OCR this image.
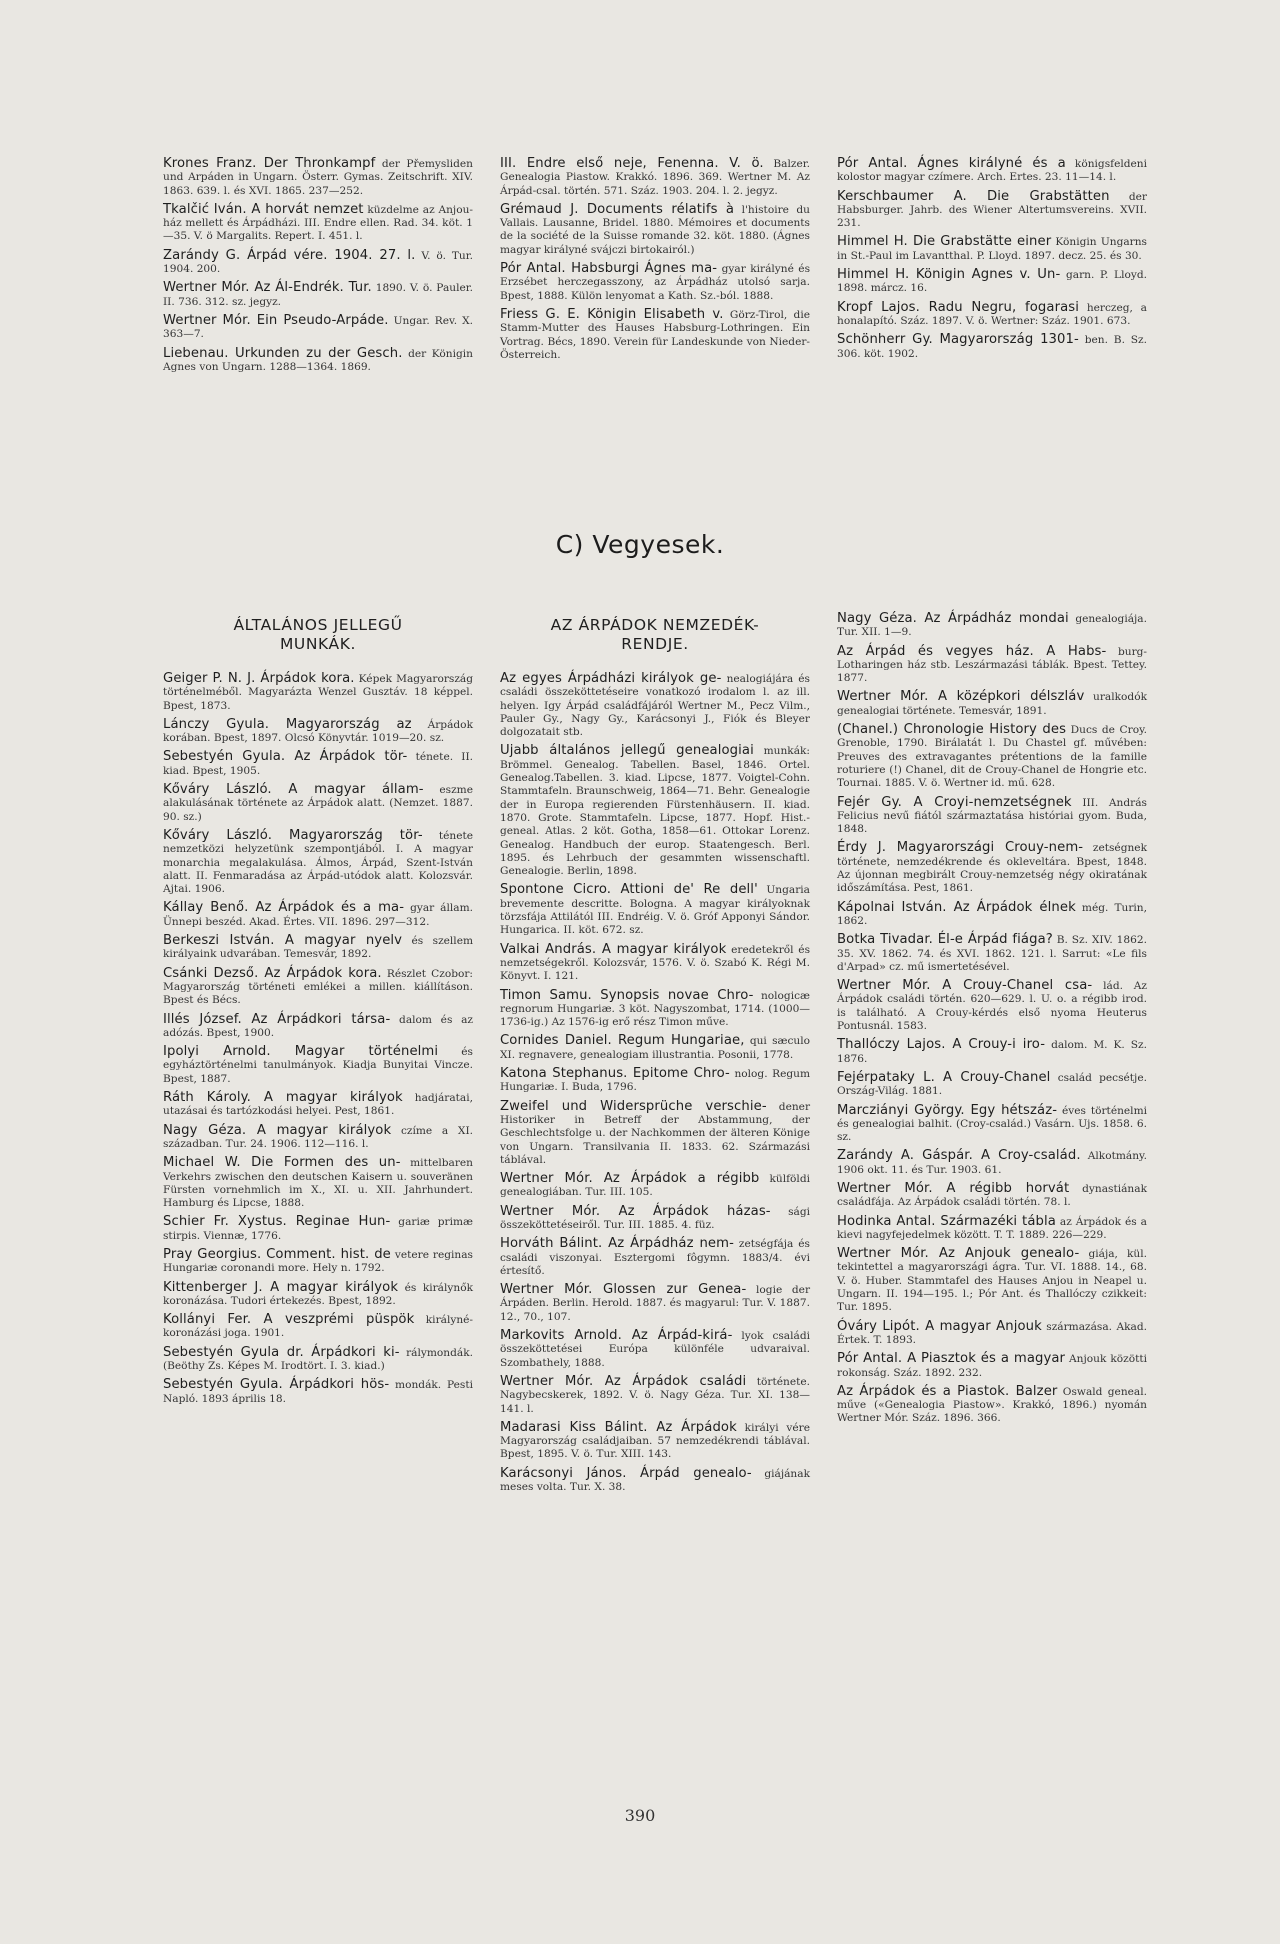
Krones Franz. Der Thronkampf der Přemysliden und Arpáden in Ungarn. Österr. Gymas. Zeitschrift. XIV. 1863. 639. l. és XVI. 1865. 237—252.
Tkalčić Iván. A horvát nemzet küzdelme az Anjou-ház mellett és Árpádházi. III. Endre ellen. Rad. 34. köt. 1—35. V. ö Margalits. Repert. I. 451. l.
Zarándy G. Árpád vére. 1904. 27. l. V. ö. Tur. 1904. 200.
Wertner Mór. Az Ál-Endrék. Tur. 1890. V. ö. Pauler. II. 736. 312. sz. jegyz.
Wertner Mór. Ein Pseudo-Arpáde. Ungar. Rev. X. 363—7.
Liebenau. Urkunden zu der Gesch. der Königin Agnes von Ungarn. 1288—1364. 1869.
III. Endre első neje, Fenenna. V. ö. Balzer. Genealogia Piastow. Krakkó. 1896. 369. Wertner M. Az Árpád-csal. történ. 571. Száz. 1903. 204. l. 2. jegyz.
Grémaud J. Documents rélatifs à l'histoire du Vallais. Lausanne, Bridel. 1880. Mémoires et documents de la société de la Suisse romande 32. köt. 1880. (Ágnes magyar királyné svájczi birtokairól.)
Pór Antal. Habsburgi Ágnes ma- gyar királyné és Erzsébet herczegasszony, az Árpádház utolsó sarja. Bpest, 1888. Külön lenyomat a Kath. Sz.-ból. 1888.
Friess G. E. Königin Elisabeth v. Görz-Tirol, die Stamm-Mutter des Hauses Habsburg-Lothringen. Ein Vortrag. Bécs, 1890. Verein für Landeskunde von Nieder-Österreich.
Pór Antal. Ágnes királyné és a königsfeldeni kolostor magyar czímere. Arch. Ertes. 23. 11—14. l.
Kerschbaumer A. Die Grabstätten der Habsburger. Jahrb. des Wiener Altertumsvereins. XVII. 231.
Himmel H. Die Grabstätte einer Königin Ungarns in St.-Paul im Lavantthal. P. Lloyd. 1897. decz. 25. és 30.
Himmel H. Königin Agnes v. Un- garn. P. Lloyd. 1898. márcz. 16.
Kropf Lajos. Radu Negru, fogarasi herczeg, a honalapító. Száz. 1897. V. ö. Wertner: Száz. 1901. 673.
Schönherr Gy. Magyarország 1301- ben. B. Sz. 306. köt. 1902.
C) Vegyesek.
ÁLTALÁNOS JELLEGŰ
MUNKÁK.
Geiger P. N. J. Árpádok kora. Képek Magyarország történelméből. Magyarázta Wenzel Gusztáv. 18 képpel. Bpest, 1873.
Lánczy Gyula. Magyarország az Árpádok korában. Bpest, 1897. Olcsó Könyvtár. 1019—20. sz.
Sebestyén Gyula. Az Árpádok tör- ténete. II. kiad. Bpest, 1905.
Kőváry László. A magyar állam- eszme alakulásának története az Árpádok alatt. (Nemzet. 1887. 90. sz.)
Kőváry László. Magyarország tör- ténete nemzetközi helyzetünk szempontjából. I. A magyar monarchia megalakulása. Álmos, Árpád, Szent-István alatt. II. Fenmaradása az Árpád-utódok alatt. Kolozsvár. Ajtai. 1906.
Kállay Benő. Az Árpádok és a ma- gyar állam. Ünnepi beszéd. Akad. Értes. VII. 1896. 297—312.
Berkeszi István. A magyar nyelv és szellem királyaink udvarában. Temesvár, 1892.
Csánki Dezső. Az Árpádok kora. Részlet Czobor: Magyarország történeti emlékei a millen. kiállításon. Bpest és Bécs.
Illés József. Az Árpádkori társa- dalom és az adózás. Bpest, 1900.
Ipolyi Arnold. Magyar történelmi és egyháztörténelmi tanulmányok. Kiadja Bunyitai Vincze. Bpest, 1887.
Ráth Károly. A magyar királyok hadjáratai, utazásai és tartózkodási helyei. Pest, 1861.
Nagy Géza. A magyar királyok czíme a XI. században. Tur. 24. 1906. 112—116. l.
Michael W. Die Formen des un- mittelbaren Verkehrs zwischen den deutschen Kaisern u. souveränen Fürsten vornehmlich im X., XI. u. XII. Jahrhundert. Hamburg és Lipcse, 1888.
Schier Fr. Xystus. Reginae Hun- gariæ primæ stirpis. Viennæ, 1776.
Pray Georgius. Comment. hist. de vetere reginas Hungariæ coronandi more. Hely n. 1792.
Kittenberger J. A magyar királyok és királynők koronázása. Tudori értekezés. Bpest, 1892.
Kollányi Fer. A veszprémi püspök királyné-koronázási joga. 1901.
Sebestyén Gyula dr. Árpádkori ki- rálymondák. (Beöthy Zs. Képes M. Irodtört. I. 3. kiad.)
Sebestyén Gyula. Árpádkori hös- mondák. Pesti Napló. 1893 április 18.
AZ ÁRPÁDOK NEMZEDÉK-
RENDJE.
Az egyes Árpádházi királyok ge- nealogiájára és családi összeköttetéseire vonatkozó irodalom l. az ill. helyen. Igy Árpád családfájáról Wertner M., Pecz Vilm., Pauler Gy., Nagy Gy., Karácsonyi J., Fiók és Bleyer dolgozatait stb.
Ujabb általános jellegű genealogiai munkák: Brömmel. Genealog. Tabellen. Basel, 1846. Ortel. Genealog.Tabellen. 3. kiad. Lipcse, 1877. Voigtel-Cohn. Stammtafeln. Braunschweig, 1864—71. Behr. Genealogie der in Europa regierenden Fürstenhäusern. II. kiad. 1870. Grote. Stammtafeln. Lipcse, 1877. Hopf. Hist.-geneal. Atlas. 2 köt. Gotha, 1858—61. Ottokar Lorenz. Genealog. Handbuch der europ. Staatengesch. Berl. 1895. és Lehrbuch der gesammten wissenschaftl. Genealogie. Berlin, 1898.
Spontone Cicro. Attioni de' Re dell' Ungaria brevemente descritte. Bologna. A magyar királyoknak törzsfája Attilától III. Endréig. V. ö. Gróf Apponyi Sándor. Hungarica. II. köt. 672. sz.
Valkai András. A magyar királyok eredetekről és nemzetségekről. Kolozsvár, 1576. V. ö. Szabó K. Régi M. Könyvt. I. 121.
Timon Samu. Synopsis novae Chro- nologicæ regnorum Hungariæ. 3 köt. Nagyszombat, 1714. (1000—1736-ig.) Az 1576-ig erő rész Timon műve.
Cornides Daniel. Regum Hungariae, qui sæculo XI. regnavere, genealogiam illustrantia. Posonii, 1778.
Katona Stephanus. Epitome Chro- nolog. Regum Hungariæ. I. Buda, 1796.
Zweifel und Widersprüche verschie- dener Historiker in Betreff der Abstammung, der Geschlechtsfolge u. der Nachkommen der älteren Könige von Ungarn. Transilvania II. 1833. 62. Származási táblával.
Wertner Mór. Az Árpádok a régibb külföldi genealogiában. Tur. III. 105.
Wertner Mór. Az Árpádok házas- sági összeköttetéseiről. Tur. III. 1885. 4. füz.
Horváth Bálint. Az Árpádház nem- zetségfája és családi viszonyai. Esztergomi fôgymn. 1883/4. évi értesítő.
Wertner Mór. Glossen zur Genea- logie der Árpáden. Berlin. Herold. 1887. és magyarul: Tur. V. 1887. 12., 70., 107.
Markovits Arnold. Az Árpád-kirá- lyok családi összeköttetései Európa különféle udvaraival. Szombathely, 1888.
Wertner Mór. Az Árpádok családi története. Nagybecskerek, 1892. V. ö. Nagy Géza. Tur. XI. 138—141. l.
Madarasi Kiss Bálint. Az Árpádok királyi vére Magyarország családjaiban. 57 nemzedékrendi táblával. Bpest, 1895. V. ö. Tur. XIII. 143.
Karácsonyi János. Árpád genealo- giájának meses volta. Tur. X. 38.
Nagy Géza. Az Árpádház mondai genealogiája. Tur. XII. 1—9.
Az Árpád és vegyes ház. A Habs- burg-Lotharingen ház stb. Leszármazási táblák. Bpest. Tettey. 1877.
Wertner Mór. A középkori délszláv uralkodók genealogiai története. Temesvár, 1891.
(Chanel.) Chronologie History des Ducs de Croy. Grenoble, 1790. Birálatát l. Du Chastel gf. művében: Preuves des extravagantes prétentions de la famille roturiere (!) Chanel, dit de Crouy-Chanel de Hongrie etc. Tournai. 1885. V. ö. Wertner id. mű. 628.
Fejér Gy. A Croyi-nemzetségnek III. András Felicius nevű fiától származtatása históriai gyom. Buda, 1848.
Érdy J. Magyarországi Crouy-nem- zetségnek története, nemzedékrende és okleveltára. Bpest, 1848. Az újonnan megbirált Crouy-nemzetség négy okiratának időszámítása. Pest, 1861.
Kápolnai István. Az Árpádok élnek még. Turin, 1862.
Botka Tivadar. Él-e Árpád fiága? B. Sz. XIV. 1862. 35. XV. 1862. 74. és XVI. 1862. 121. l. Sarrut: «Le fils d'Arpad» cz. mű ismertetésével.
Wertner Mór. A Crouy-Chanel csa- lád. Az Árpádok családi történ. 620—629. l. U. o. a régibb irod. is található. A Crouy-kérdés első nyoma Heuterus Pontusnál. 1583.
Thallóczy Lajos. A Crouy-i iro- dalom. M. K. Sz. 1876.
Fejérpataky L. A Crouy-Chanel család pecsétje. Ország-Világ. 1881.
Marcziányi György. Egy hétszáz- éves történelmi és genealogiai balhit. (Croy-család.) Vasárn. Ujs. 1858. 6. sz.
Zarándy A. Gáspár. A Croy-család. Alkotmány. 1906 okt. 11. és Tur. 1903. 61.
Wertner Mór. A régibb horvát dynastiának családfája. Az Árpádok családi történ. 78. l.
Hodinka Antal. Származéki tábla az Árpádok és a kievi nagyfejedelmek között. T. T. 1889. 226—229.
Wertner Mór. Az Anjouk genealo- giája, kül. tekintettel a magyarországi ágra. Tur. VI. 1888. 14., 68. V. ö. Huber. Stammtafel des Hauses Anjou in Neapel u. Ungarn. II. 194—195. l.; Pór Ant. és Thallóczy czikkeit: Tur. 1895.
Óváry Lipót. A magyar Anjouk származása. Akad. Értek. T. 1893.
Pór Antal. A Piasztok és a magyar Anjouk közötti rokonság. Száz. 1892. 232.
Az Árpádok és a Piastok. Balzer Oswald geneal. műve («Genealogia Piastow». Krakkó, 1896.) nyomán Wertner Mór. Száz. 1896. 366.
390
